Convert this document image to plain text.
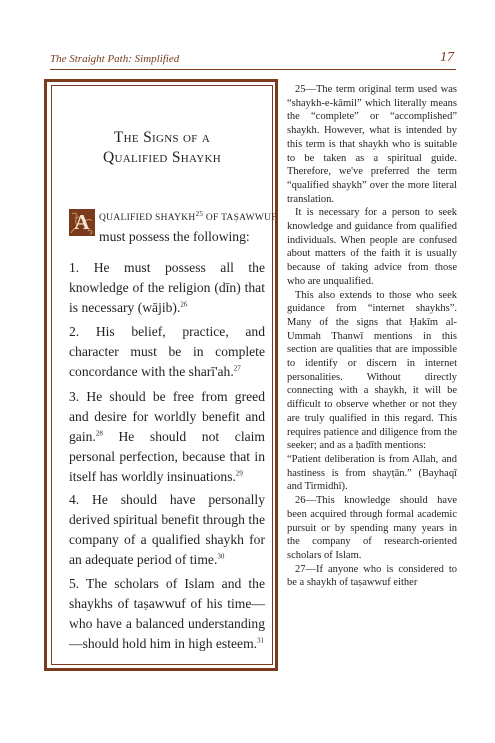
The Straight Path: Simplified	17
The Signs of a
Qualified Shaykh
A QUALIFIED SHAYKH$^{25}$ OF TAṢAWWUF
must possess the following:
1. He must possess all the knowledge of the religion (dīn) that is necessary (wājib).$^{26}$
2. His belief, practice, and character must be in complete concordance with the sharī'ah.$^{27}$
3. He should be free from greed and desire for worldly benefit and gain.$^{28}$ He should not claim personal perfection, because that in itself has worldly insinuations.$^{29}$
4. He should have personally derived spiritual benefit through the company of a qualified shaykh for an adequate period of time.$^{30}$
5. The scholars of Islam and the shaykhs of taṣawwuf of his time—who have a balanced understanding—should hold him in high esteem.$^{31}$

25—The term original term used was “shaykh-e-kāmil” which literally means the “complete” or “accomplished” shaykh. However, what is intended by this term is that shaykh who is suitable to be taken as a spiritual guide. Therefore, we've preferred the term “qualified shaykh” over the more literal translation.

It is necessary for a person to seek knowledge and guidance from qualified individuals. When people are confused about matters of the faith it is usually because of taking advice from those who are unqualified.

This also extends to those who seek guidance from “internet shaykhs”. Many of the signs that Ḥakīm al-Ummah Thanwī mentions in this section are qualities that are impossible to identify or discern in internet personalities. Without directly connecting with a shaykh, it will be difficult to observe whether or not they are truly qualified in this regard. This requires patience and diligence from the seeker; and as a ḥadīth mentions:

“Patient deliberation is from Allah, and hastiness is from shayṭān.” (Bayhaqī and Tirmidhī).

26—This knowledge should have been acquired through formal academic pursuit or by spending many years in the company of research-oriented scholars of Islam.

27—If anyone who is considered to be a shaykh of taṣawwuf either
